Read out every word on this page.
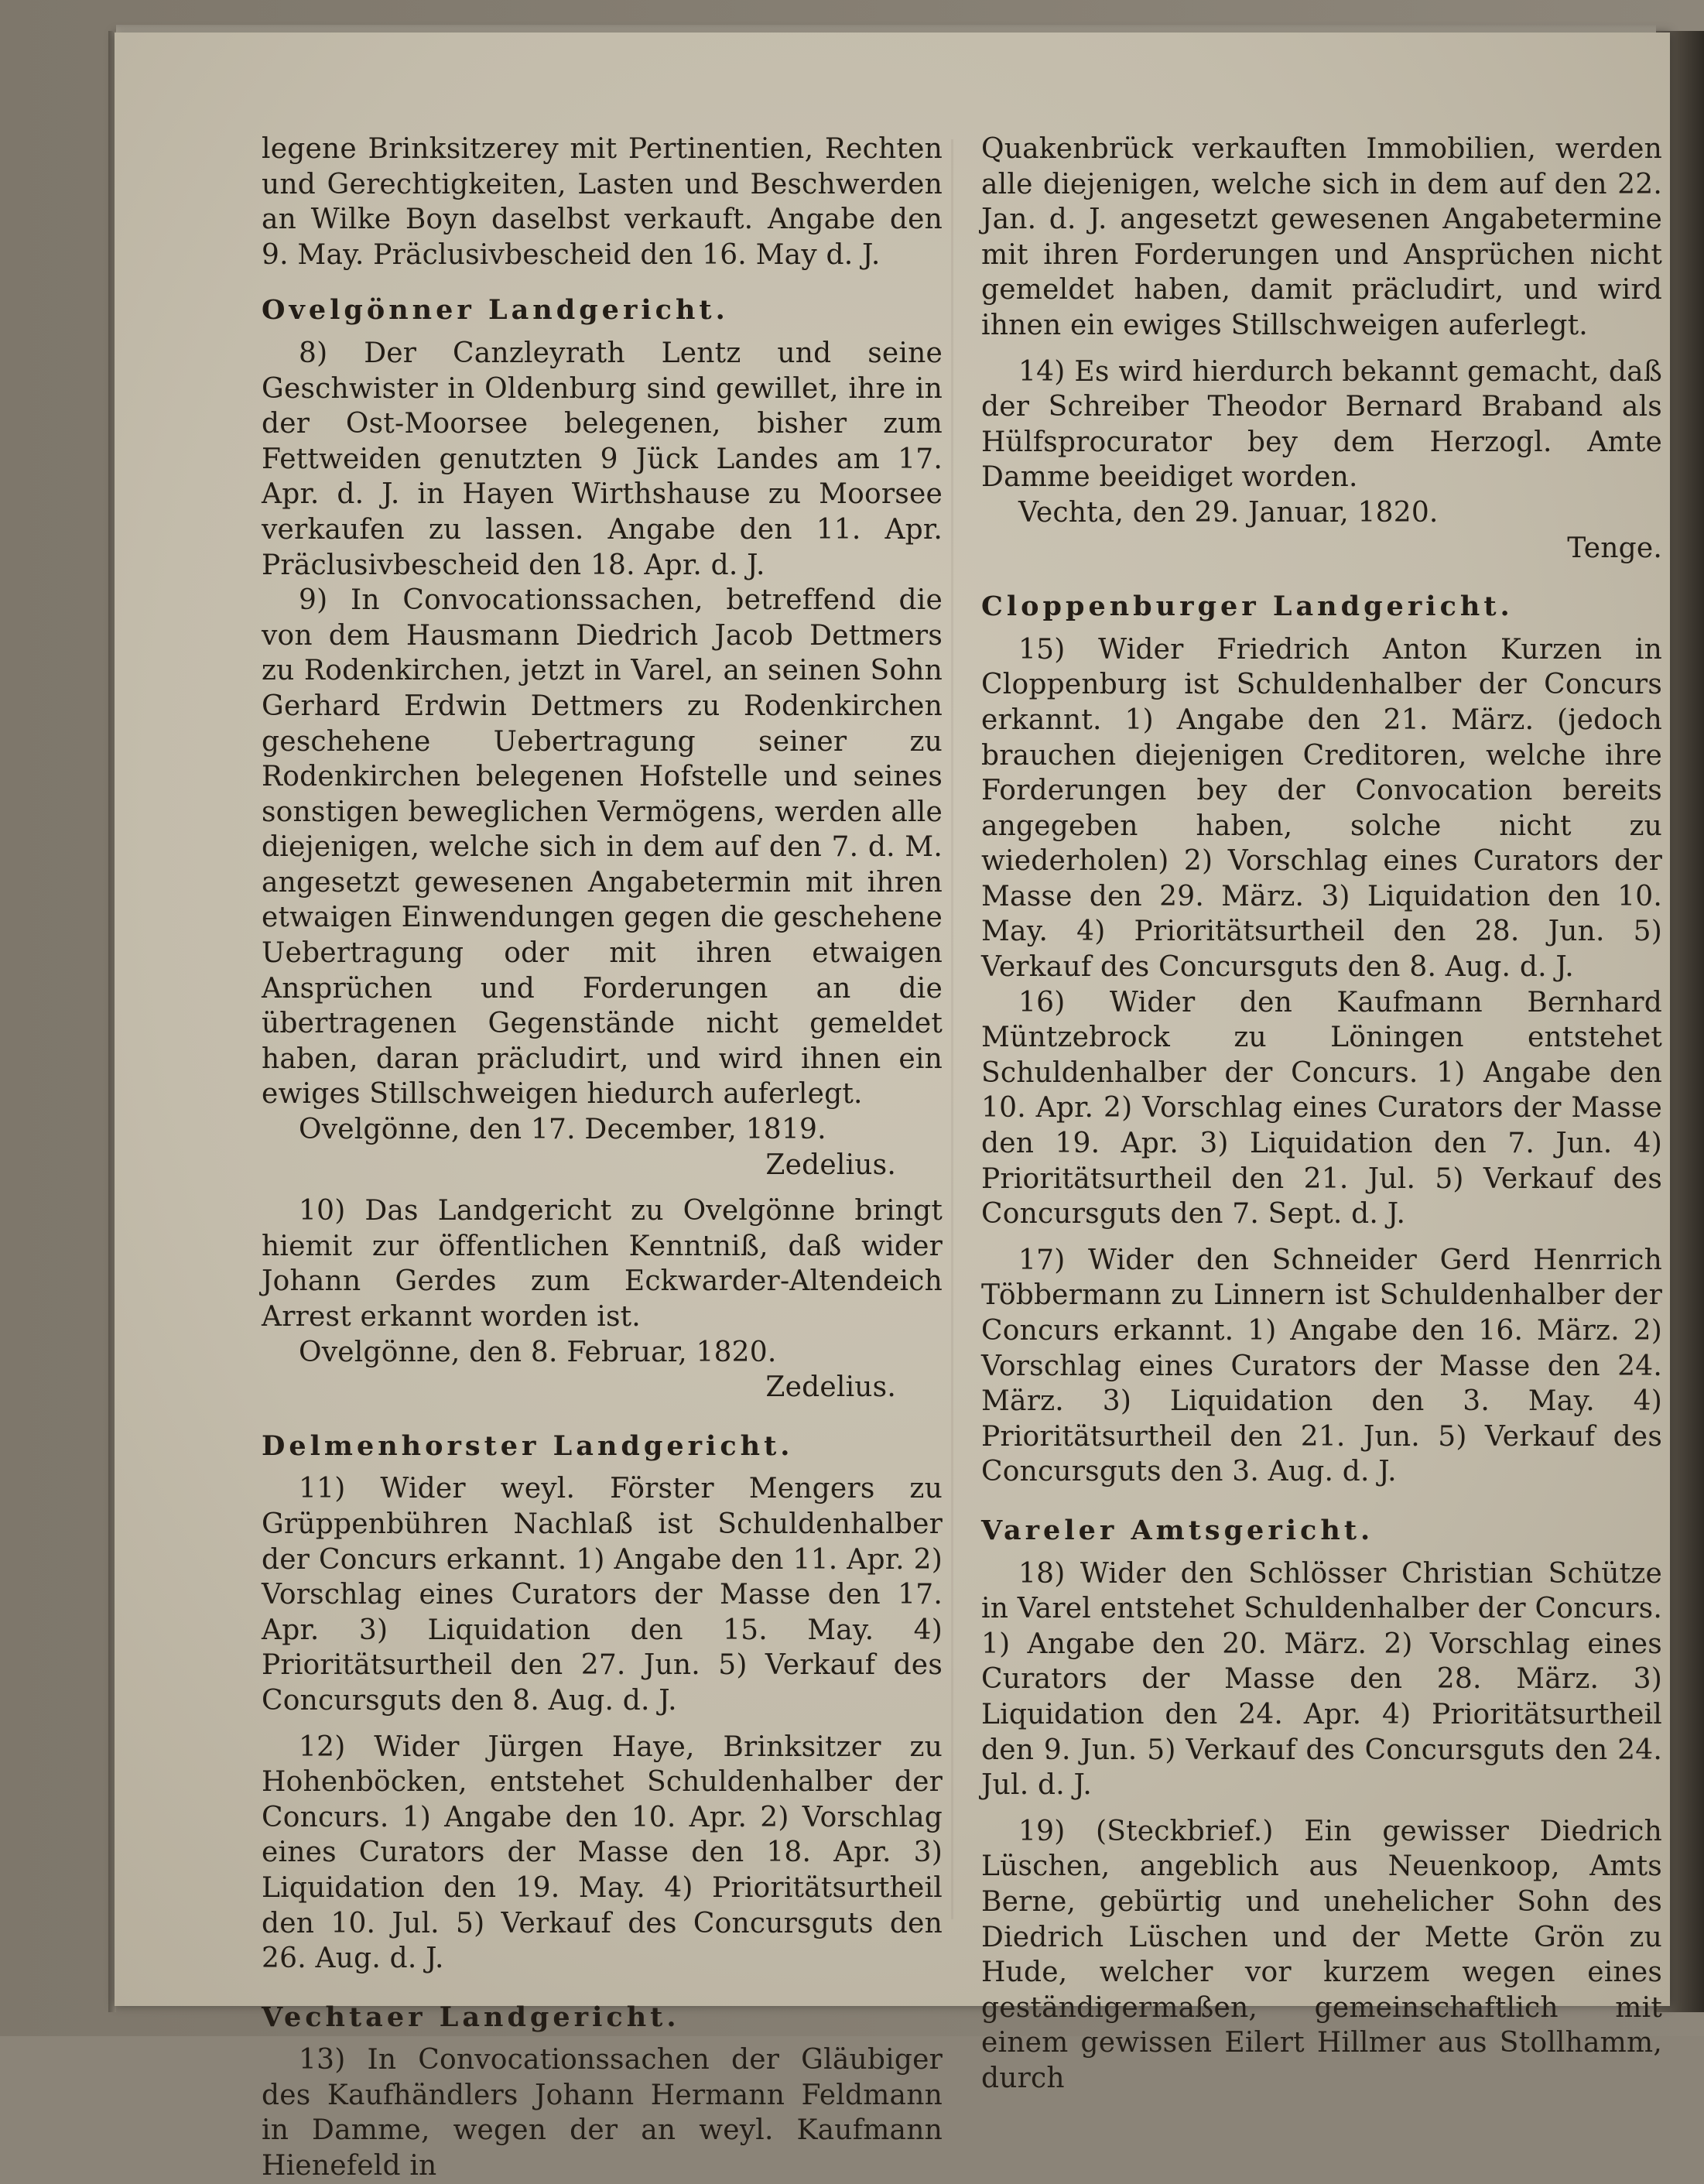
legene Brinksitzerey mit Pertinentien, Rechten und Gerechtigkeiten, Lasten und Beschwerden an Wilke Boyn daselbst verkauft. Angabe den 9. May. Präclusivbescheid den 16. May d. J.

Ovelgönner Landgericht.

8) Der Canzleyrath Lentz und seine Geschwister in Oldenburg sind gewillet, ihre in der Ost-Moorsee belegenen, bisher zum Fettweiden genutzten 9 Jück Landes am 17. Apr. d. J. in Hayen Wirthshause zu Moorsee verkaufen zu lassen. Angabe den 11. Apr. Präclusivbescheid den 18. Apr. d. J.

9) In Convocationssachen, betreffend die von dem Hausmann Diedrich Jacob Dettmers zu Rodenkirchen, jetzt in Varel, an seinen Sohn Gerhard Erdwin Dettmers zu Rodenkirchen geschehene Uebertragung seiner zu Rodenkirchen belegenen Hofstelle und seines sonstigen beweglichen Vermögens, werden alle diejenigen, welche sich in dem auf den 7. d. M. angesetzt gewesenen Angabetermin mit ihren etwaigen Einwendungen gegen die geschehene Uebertragung oder mit ihren etwaigen Ansprüchen und Forderungen an die übertragenen Gegenstände nicht gemeldet haben, daran präcludirt, und wird ihnen ein ewiges Stillschweigen hiedurch auferlegt.

Ovelgönne, den 17. December, 1819.

Zedelius.

10) Das Landgericht zu Ovelgönne bringt hiemit zur öffentlichen Kenntniß, daß wider Johann Gerdes zum Eckwarder-Altendeich Arrest erkannt worden ist.

Ovelgönne, den 8. Februar, 1820.

Zedelius.

Delmenhorster Landgericht.

11) Wider weyl. Förster Mengers zu Grüppenbühren Nachlaß ist Schuldenhalber der Concurs erkannt. 1) Angabe den 11. Apr. 2) Vorschlag eines Curators der Masse den 17. Apr. 3) Liquidation den 15. May. 4) Prioritätsurtheil den 27. Jun. 5) Verkauf des Concursguts den 8. Aug. d. J.

12) Wider Jürgen Haye, Brinksitzer zu Hohenböcken, entstehet Schuldenhalber der Concurs. 1) Angabe den 10. Apr. 2) Vorschlag eines Curators der Masse den 18. Apr. 3) Liquidation den 19. May. 4) Prioritätsurtheil den 10. Jul. 5) Verkauf des Concursguts den 26. Aug. d. J.

Vechtaer Landgericht.

13) In Convocationssachen der Gläubiger des Kaufhändlers Johann Hermann Feldmann in Damme, wegen der an weyl. Kaufmann Hienefeld in

Quakenbrück verkauften Immobilien, werden alle diejenigen, welche sich in dem auf den 22. Jan. d. J. angesetzt gewesenen Angabetermine mit ihren Forderungen und Ansprüchen nicht gemeldet haben, damit präcludirt, und wird ihnen ein ewiges Stillschweigen auferlegt.

14) Es wird hierdurch bekannt gemacht, daß der Schreiber Theodor Bernard Braband als Hülfsprocurator bey dem Herzogl. Amte Damme beeidiget worden.

Vechta, den 29. Januar, 1820.

Tenge.

Cloppenburger Landgericht.

15) Wider Friedrich Anton Kurzen in Cloppenburg ist Schuldenhalber der Concurs erkannt. 1) Angabe den 21. März. (jedoch brauchen diejenigen Creditoren, welche ihre Forderungen bey der Convocation bereits angegeben haben, solche nicht zu wiederholen) 2) Vorschlag eines Curators der Masse den 29. März. 3) Liquidation den 10. May. 4) Prioritätsurtheil den 28. Jun. 5) Verkauf des Concursguts den 8. Aug. d. J.

16) Wider den Kaufmann Bernhard Müntzebrock zu Löningen entstehet Schuldenhalber der Concurs. 1) Angabe den 10. Apr. 2) Vorschlag eines Curators der Masse den 19. Apr. 3) Liquidation den 7. Jun. 4) Prioritätsurtheil den 21. Jul. 5) Verkauf des Concursguts den 7. Sept. d. J.

17) Wider den Schneider Gerd Henrrich Többermann zu Linnern ist Schuldenhalber der Concurs erkannt. 1) Angabe den 16. März. 2) Vorschlag eines Curators der Masse den 24. März. 3) Liquidation den 3. May. 4) Prioritätsurtheil den 21. Jun. 5) Verkauf des Concursguts den 3. Aug. d. J.

Vareler Amtsgericht.

18) Wider den Schlösser Christian Schütze in Varel entstehet Schuldenhalber der Concurs. 1) Angabe den 20. März. 2) Vorschlag eines Curators der Masse den 28. März. 3) Liquidation den 24. Apr. 4) Prioritätsurtheil den 9. Jun. 5) Verkauf des Concursguts den 24. Jul. d. J.

19) (Steckbrief.) Ein gewisser Diedrich Lüschen, angeblich aus Neuenkoop, Amts Berne, gebürtig und unehelicher Sohn des Diedrich Lüschen und der Mette Grön zu Hude, welcher vor kurzem wegen eines geständigermaßen, gemeinschaftlich mit einem gewissen Eilert Hillmer aus Stollhamm, durch
